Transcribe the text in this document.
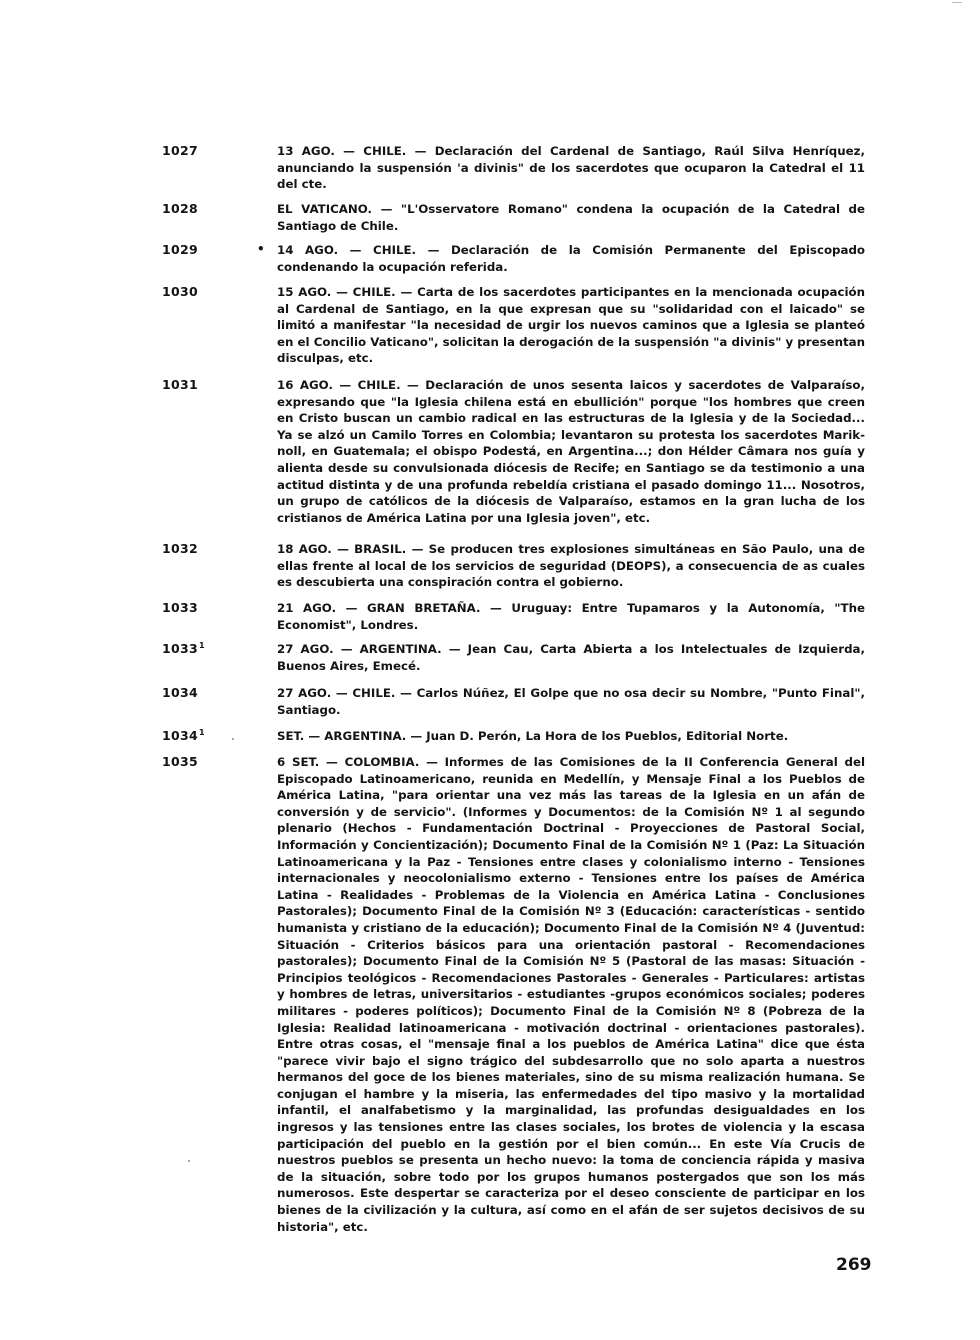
1027	13 AGO. — CHILE. — Declaración del Cardenal de Santiago, Raúl Silva Henríquez, anunciando la suspensión 'a divinis" de los sacerdotes que ocuparon la Catedral el 11 del cte.
1028	EL VATICANO. — "L'Osservatore Romano" condena la ocupación de la Catedral de Santiago de Chile.
1029	• 14 AGO. — CHILE. — Declaración de la Comisión Permanente del Episcopado condenando la ocupación referida.
1030	15 AGO. — CHILE. — Carta de los sacerdotes participantes en la mencionada ocupación al Cardenal de Santiago, en la que expresan que su "solidaridad con el laicado" se limitó a manifestar "la necesidad de urgir los nuevos caminos que a Iglesia se planteó en el Concilio Vaticano", solicitan la derogación de la suspensión "a divinis" y presentan disculpas, etc.
1031	16 AGO. — CHILE. — Declaración de unos sesenta laicos y sacerdotes de Valparaíso, expresando que "la Iglesia chilena está en ebullición" porque "los hombres que creen en Cristo buscan un cambio radical en las estructuras de la Iglesia y de la Sociedad... Ya se alzó un Camilo Torres en Colombia; levantaron su protesta los sacerdotes Marik-noll, en Guatemala; el obispo Podestá, en Argentina...; don Hélder Câmara nos guía y alienta desde su convulsionada diócesis de Recife; en Santiago se da testimonio a una actitud distinta y de una profunda rebeldía cristiana el pasado domingo 11... Nosotros, un grupo de católicos de la diócesis de Valparaíso, estamos en la gran lucha de los cristianos de América Latina por una Iglesia joven", etc.
1032	18 AGO. — BRASIL. — Se producen tres explosiones simultáneas en São Paulo, una de ellas frente al local de los servicios de seguridad (DEOPS), a consecuencia de as cuales es descubierta una conspiración contra el gobierno.
1033	21 AGO. — GRAN BRETAÑA. — Uruguay: Entre Tupamaros y la Autonomía, "The Economist", Londres.
1033$^1$	27 AGO. — ARGENTINA. — Jean Cau, Carta Abierta a los Intelectuales de Izquierda, Buenos Aires, Emecé.
1034	27 AGO. — CHILE. — Carlos Núñez, El Golpe que no osa decir su Nombre, "Punto Final", Santiago.
1034$^1$	SET. — ARGENTINA. — Juan D. Perón, La Hora de los Pueblos, Editorial Norte.
1035	6 SET. — COLOMBIA. — Informes de las Comisiones de la II Conferencia General del Episcopado Latinoamericano, reunida en Medellín, y Mensaje Final a los Pueblos de América Latina, "para orientar una vez más las tareas de la Iglesia en un afán de conversión y de servicio". (Informes y Documentos: de la Comisión Nº 1 al segundo plenario (Hechos - Fundamentación Doctrinal - Proyecciones de Pastoral Social, Información y Concientización); Documento Final de la Comisión Nº 1 (Paz: La Situación Latinoamericana y la Paz - Tensiones entre clases y colonialismo interno - Tensiones internacionales y neocolonialismo externo - Tensiones entre los países de América Latina - Realidades - Problemas de la Violencia en América Latina - Conclusiones Pastorales); Documento Final de la Comisión Nº 3 (Educación: características - sentido humanista y cristiano de la educación); Documento Final de la Comisión Nº 4 (Juventud: Situación - Criterios básicos para una orientación pastoral - Recomendaciones pastorales); Documento Final de la Comisión Nº 5 (Pastoral de las masas: Situación - Principios teológicos - Recomendaciones Pastorales - Generales - Particulares: artistas y hombres de letras, universitarios - estudiantes -grupos económicos sociales; poderes militares - poderes políticos); Documento Final de la Comisión Nº 8 (Pobreza de la Iglesia: Realidad latinoamericana - motivación doctrinal - orientaciones pastorales). Entre otras cosas, el "mensaje final a los pueblos de América Latina" dice que ésta "parece vivir bajo el signo trágico del subdesarrollo que no solo aparta a nuestros hermanos del goce de los bienes materiales, sino de su misma realización humana. Se conjugan el hambre y la miseria, las enfermedades del tipo masivo y la mortalidad infantil, el analfabetismo y la marginalidad, las profundas desigualdades en los ingresos y las tensiones entre las clases sociales, los brotes de violencia y la escasa participación del pueblo en la gestión por el bien común... En este Vía Crucis de nuestros pueblos se presenta un hecho nuevo: la toma de conciencia rápida y masiva de la situación, sobre todo por los grupos humanos postergados que son los más numerosos. Este despertar se caracteriza por el deseo consciente de participar en los bienes de la civilización y la cultura, así como en el afán de ser sujetos decisivos de su historia", etc.
269
